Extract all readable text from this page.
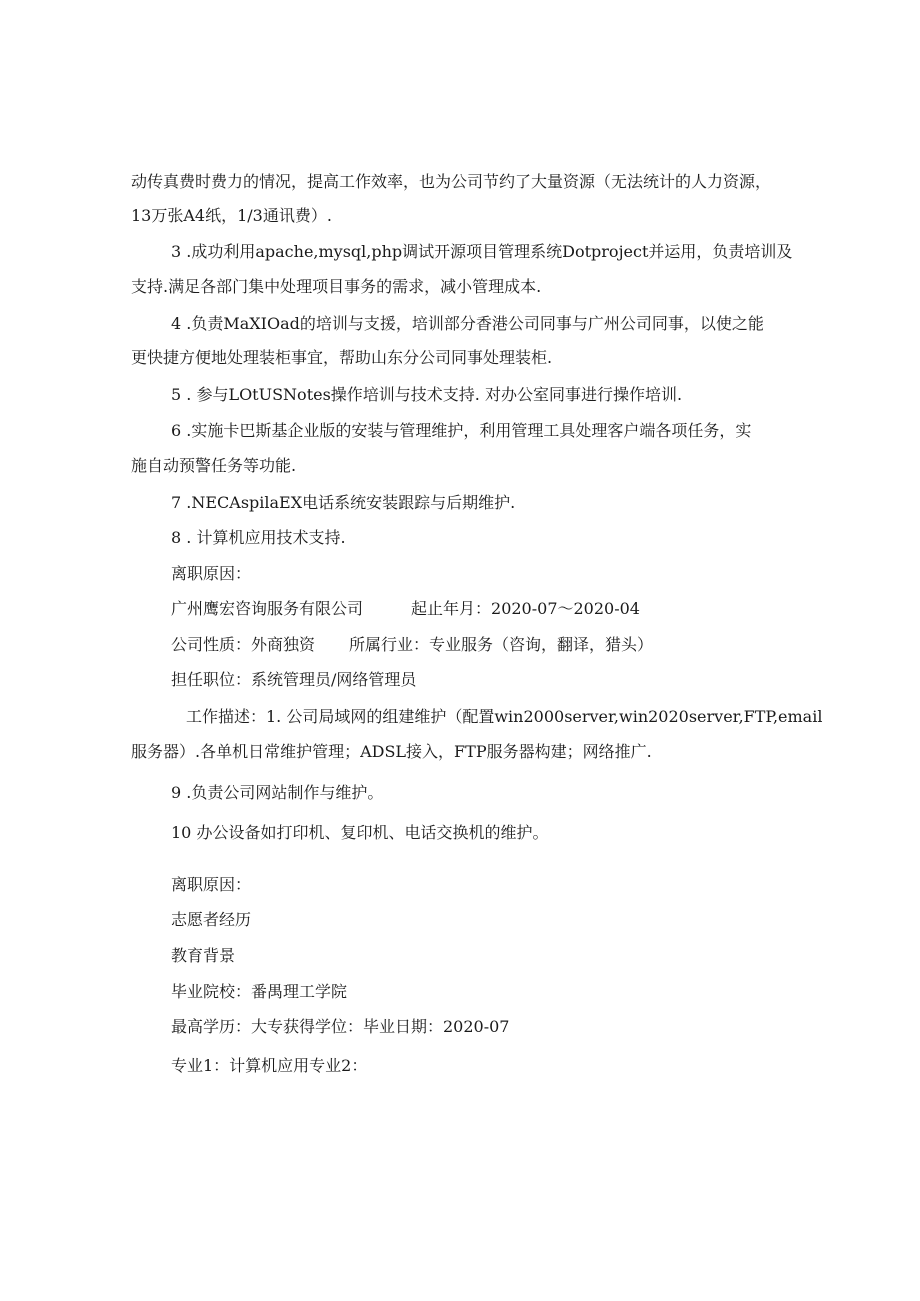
动传真费时费力的情况，提高工作效率，也为公司节约了大量资源（无法统计的人力资源，
13万张A4纸，1/3通讯费）.
3 .成功利用apache,mysql,php调试开源项目管理系统Dotproject并运用，负责培训及
支持.满足各部门集中处理项目事务的需求，减小管理成本.
4 .负责MaXIOad的培训与支援，培训部分香港公司同事与广州公司同事，以使之能
更快捷方便地处理装柜事宜，帮助山东分公司同事处理装柜.
5 . 参与LOtUSNotes操作培训与技术支持. 对办公室同事进行操作培训.
6 .实施卡巴斯基企业版的安装与管理维护，利用管理工具处理客户端各项任务，实
施自动预警任务等功能.
7 .NECAspilaEX电话系统安装跟踪与后期维护.
8 . 计算机应用技术支持.
离职原因：
广州鹰宏咨询服务有限公司	起止年月：2020-07～2020-04
公司性质：外商独资 所属行业：专业服务（咨询，翻译，猎头）
担任职位：系统管理员/网络管理员
工作描述：1. 公司局域网的组建维护（配置win2000server,win2020server,FTP,email
服务器）.各单机日常维护管理；ADSL接入，FTP服务器构建；网络推广.
9 .负责公司网站制作与维护。
10 办公设备如打印机、复印机、电话交换机的维护。
离职原因：
志愿者经历
教育背景
毕业院校：番禺理工学院
最高学历：大专获得学位：毕业日期：2020-07
专业1：计算机应用专业2：
